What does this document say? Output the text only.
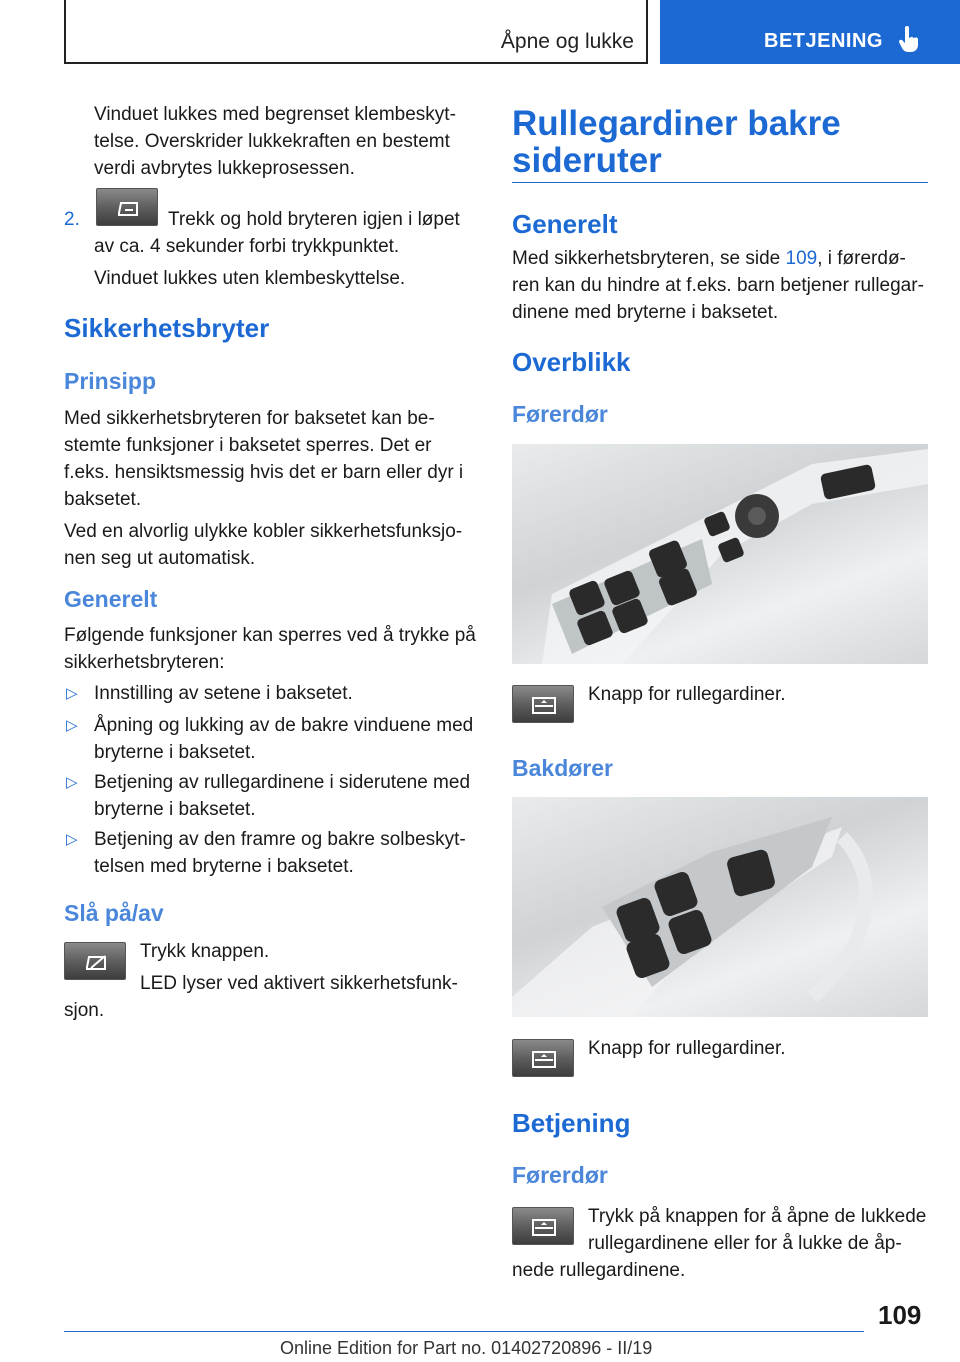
Åpne og lukke	BETJENING
Vinduet lukkes med begrenset klembeskyt-
telse. Overskrider lukkekraften en bestemt
verdi avbrytes lukkeprosessen.
2.	Trekk og hold bryteren igjen i løpet
av ca. 4 sekunder forbi trykkpunktet.
Vinduet lukkes uten klembeskyttelse.
Sikkerhetsbryter
Prinsipp
Med sikkerhetsbryteren for baksetet kan be-
stemte funksjoner i baksetet sperres. Det er
f.eks. hensiktsmessig hvis det er barn eller dyr i
baksetet.
Ved en alvorlig ulykke kobler sikkerhetsfunksjo-
nen seg ut automatisk.
Generelt
Følgende funksjoner kan sperres ved å trykke på
sikkerhetsbryteren:
▷ Innstilling av setene i baksetet.
▷ Åpning og lukking av de bakre vinduene med
bryterne i baksetet.
▷ Betjening av rullegardinene i siderutene med
bryterne i baksetet.
▷ Betjening av den framre og bakre solbeskyt-
telsen med bryterne i baksetet.
Slå på/av
Trykk knappen.
LED lyser ved aktivert sikkerhetsfunk-
sjon.
Rullegardiner bakre
sideruter
Generelt
Med sikkerhetsbryteren, se side 109, i førerdø-
ren kan du hindre at f.eks. barn betjener rullegar-
dinene med bryterne i baksetet.
Overblikk
Førerdør
Knapp for rullegardiner.
Bakdører
Knapp for rullegardiner.
Betjening
Førerdør
Trykk på knappen for å åpne de lukkede
rullegardinene eller for å lukke de åp-
nede rullegardinene.
109
Online Edition for Part no. 01402720896 - II/19
